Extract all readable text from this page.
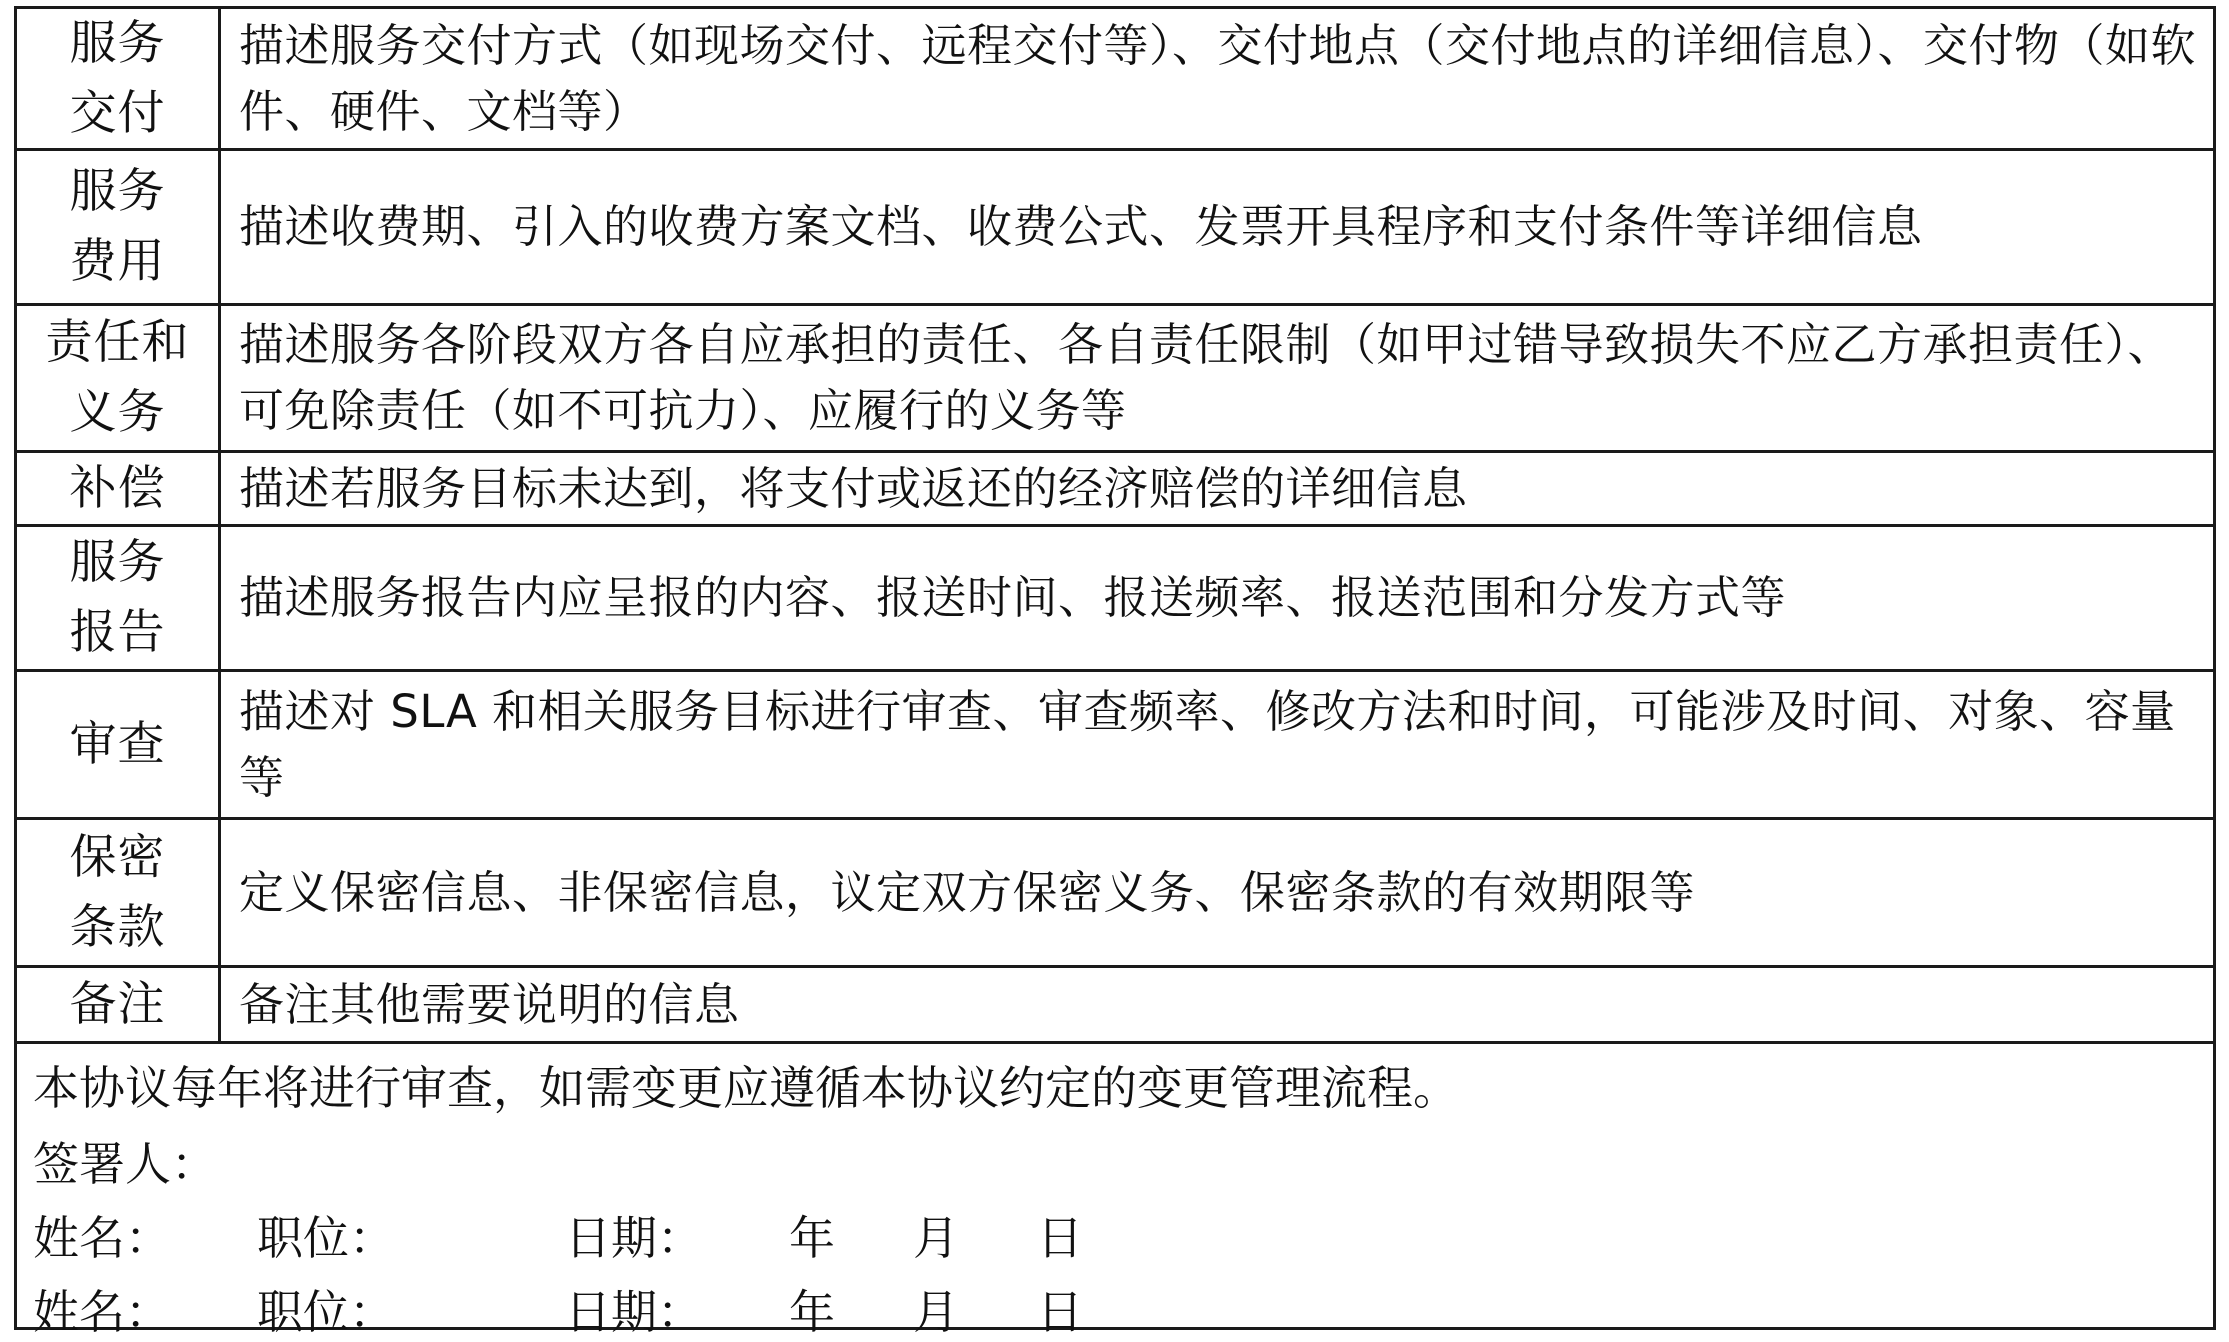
服务
交付

描述服务交付方式（如现场交付、远程交付等）、交付地点（交付地点的详细信息）、交付物（如软件、硬件、文档等）

服务
费用

描述收费期、引入的收费方案文档、收费公式、发票开具程序和支付条件等详细信息

责任和
义务

描述服务各阶段双方各自应承担的责任、各自责任限制（如甲过错导致损失不应乙方承担责任）、可免除责任（如不可抗力）、应履行的义务等

补偿 描述若服务目标未达到，将支付或返还的经济赔偿的详细信息

服务
报告

描述服务报告内应呈报的内容、报送时间、报送频率、报送范围和分发方式等

审查

描述对 SLA 和相关服务目标进行审查、审查频率、修改方法和时间，可能涉及时间、对象、容量等

保密
条款

定义保密信息、非保密信息，议定双方保密义务、保密条款的有效期限等

备注 备注其他需要说明的信息

本协议每年将进行审查，如需变更应遵循本协议约定的变更管理流程。
签署人：
姓名： 职位：	日期： 年 月 日
姓名： 职位：	日期： 年 月 日
